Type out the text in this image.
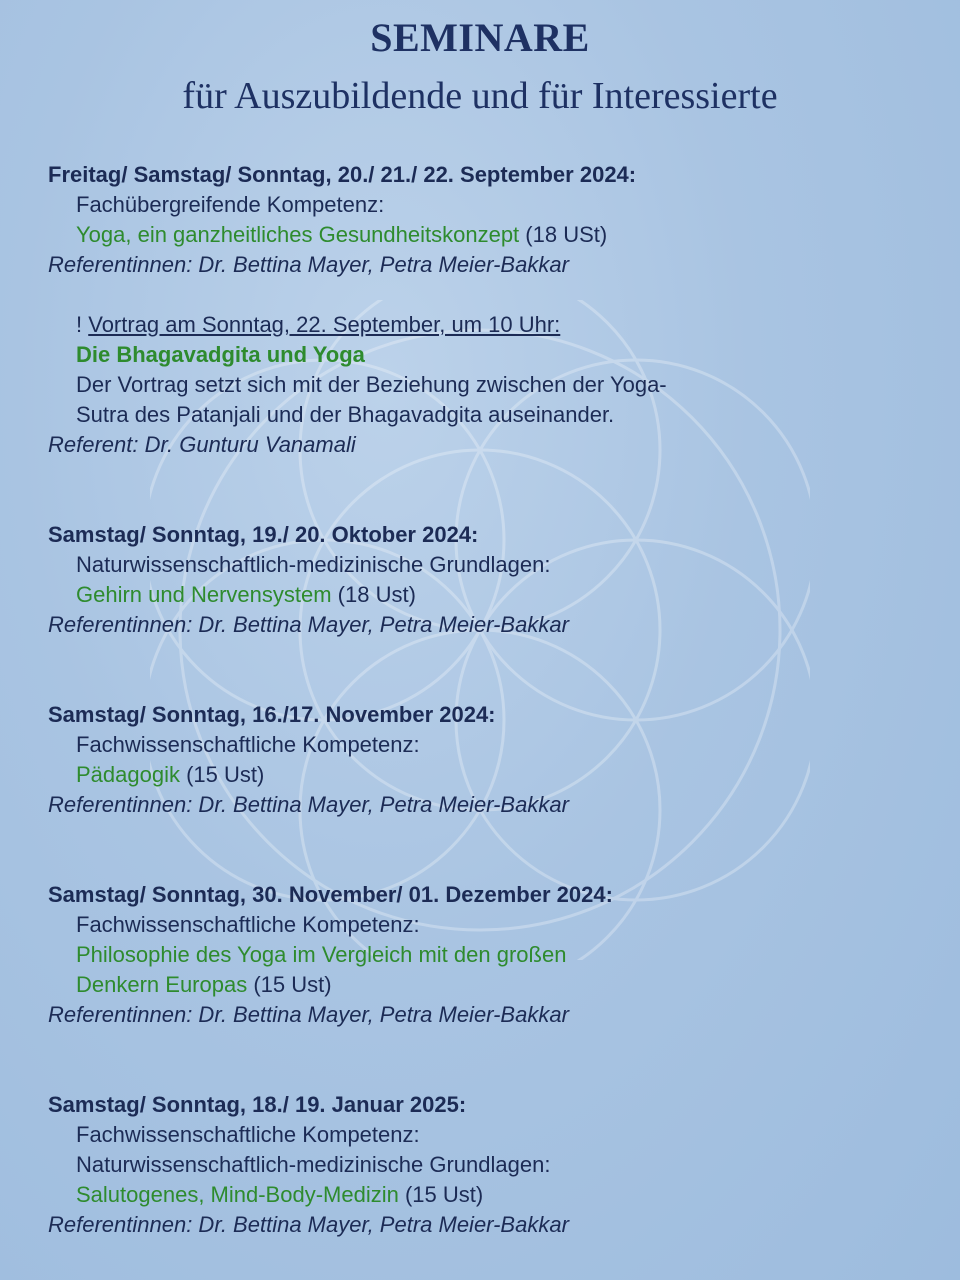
SEMINARE
für Auszubildende und für Interessierte
Freitag/ Samstag/ Sonntag, 20./ 21./ 22. September 2024:
Fachübergreifende Kompetenz:
Yoga, ein ganzheitliches Gesundheitskonzept (18 USt)
Referentinnen: Dr. Bettina Mayer, Petra Meier-Bakkar
! Vortrag am Sonntag, 22. September, um 10 Uhr:
Die Bhagavadgita und Yoga
Der Vortrag setzt sich mit der Beziehung zwischen der Yoga-
Sutra des Patanjali und der Bhagavadgita auseinander.
Referent: Dr. Gunturu Vanamali
Samstag/ Sonntag, 19./ 20. Oktober 2024:
Naturwissenschaftlich-medizinische Grundlagen:
Gehirn und Nervensystem (18 Ust)
Referentinnen: Dr. Bettina Mayer, Petra Meier-Bakkar
Samstag/ Sonntag, 16./17. November 2024:
Fachwissenschaftliche Kompetenz:
Pädagogik (15 Ust)
Referentinnen: Dr. Bettina Mayer, Petra Meier-Bakkar
Samstag/ Sonntag, 30. November/ 01. Dezember 2024:
Fachwissenschaftliche Kompetenz:
Philosophie des Yoga im Vergleich mit den großen
Denkern Europas (15 Ust)
Referentinnen: Dr. Bettina Mayer, Petra Meier-Bakkar
Samstag/ Sonntag, 18./ 19. Januar 2025:
Fachwissenschaftliche Kompetenz:
Naturwissenschaftlich-medizinische Grundlagen:
Salutogenes, Mind-Body-Medizin (15 Ust)
Referentinnen: Dr. Bettina Mayer, Petra Meier-Bakkar
